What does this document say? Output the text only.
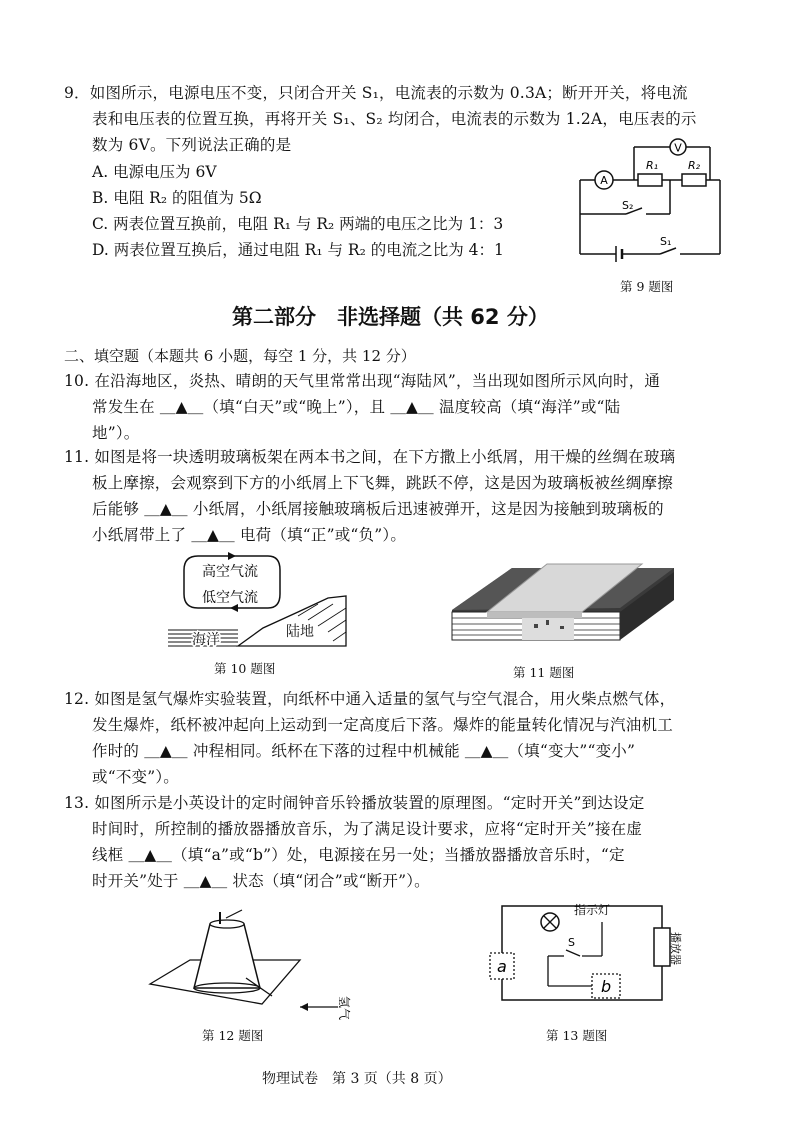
9．如图所示，电源电压不变，只闭合开关 S₁，电流表的示数为 0.3A；断开开关，将电流
表和电压表的位置互换，再将开关 S₁、S₂ 均闭合，电流表的示数为 1.2A，电压表的示
数为 6V。下列说法正确的是
A. 电源电压为 6V
B. 电阻 R₂ 的阻值为 5Ω
C. 两表位置互换前，电阻 R₁ 与 R₂ 两端的电压之比为 1：3
D. 两表位置互换后，通过电阻 R₁ 与 R₂ 的电流之比为 4：1
V
A
R₁	R₂
S₂
S₁
第 9 题图
第二部分　非选择题（共 62 分）
二、填空题（本题共 6 小题，每空 1 分，共 12 分）
10. 在沿海地区，炎热、晴朗的天气里常常出现“海陆风”，当出现如图所示风向时，通
常发生在 ＿▲＿（填“白天”或“晚上”），且 ＿▲＿ 温度较高（填“海洋”或“陆
地”）。
11. 如图是将一块透明玻璃板架在两本书之间，在下方撒上小纸屑，用干燥的丝绸在玻璃
板上摩擦，会观察到下方的小纸屑上下飞舞，跳跃不停，这是因为玻璃板被丝绸摩擦
后能够 ＿▲＿ 小纸屑，小纸屑接触玻璃板后迅速被弹开，这是因为接触到玻璃板的
小纸屑带上了 ＿▲＿ 电荷（填“正”或“负”）。
高空气流
低空气流
海洋	陆地
第 10 题图	第 11 题图
12. 如图是氢气爆炸实验装置，向纸杯中通入适量的氢气与空气混合，用火柴点燃气体，
发生爆炸，纸杯被冲起向上运动到一定高度后下落。爆炸的能量转化情况与汽油机工
作时的 ＿▲＿ 冲程相同。纸杯在下落的过程中机械能 ＿▲＿（填“变大”“变小”
或“不变”）。
13. 如图所示是小英设计的定时闹钟音乐铃播放装置的原理图。“定时开关”到达设定
时间时，所控制的播放器播放音乐，为了满足设计要求，应将“定时开关”接在虚
线框 ＿▲＿（填“a”或“b”）处，电源接在另一处；当播放器播放音乐时，“定
时开关”处于 ＿▲＿ 状态（填“闭合”或“断开”）。
氢气
第 12 题图
指示灯
播放器
S
a
b
第 13 题图
物理试卷　第 3 页（共 8 页）
